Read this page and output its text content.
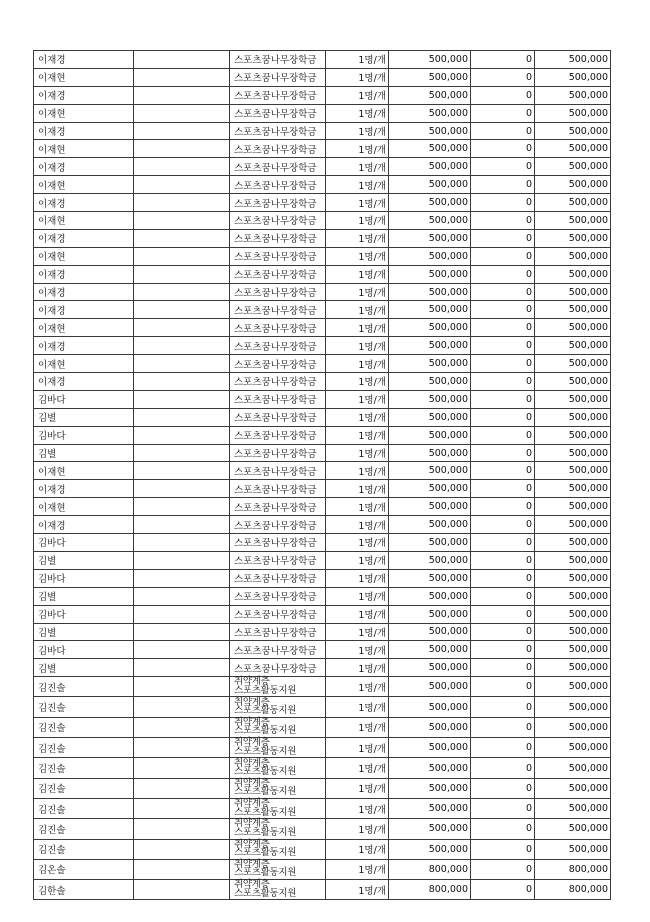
이재경		스포츠꿈나무장학금	1명/개	500,000	0	500,000
이재현		스포츠꿈나무장학금	1명/개	500,000	0	500,000
이재경		스포츠꿈나무장학금	1명/개	500,000	0	500,000
이재현		스포츠꿈나무장학금	1명/개	500,000	0	500,000
이재경		스포츠꿈나무장학금	1명/개	500,000	0	500,000
이재현		스포츠꿈나무장학금	1명/개	500,000	0	500,000
이재경		스포츠꿈나무장학금	1명/개	500,000	0	500,000
이재현		스포츠꿈나무장학금	1명/개	500,000	0	500,000
이재경		스포츠꿈나무장학금	1명/개	500,000	0	500,000
이재현		스포츠꿈나무장학금	1명/개	500,000	0	500,000
이재경		스포츠꿈나무장학금	1명/개	500,000	0	500,000
이재현		스포츠꿈나무장학금	1명/개	500,000	0	500,000
이재경		스포츠꿈나무장학금	1명/개	500,000	0	500,000
이재경		스포츠꿈나무장학금	1명/개	500,000	0	500,000
이재경		스포츠꿈나무장학금	1명/개	500,000	0	500,000
이재현		스포츠꿈나무장학금	1명/개	500,000	0	500,000
이재경		스포츠꿈나무장학금	1명/개	500,000	0	500,000
이재현		스포츠꿈나무장학금	1명/개	500,000	0	500,000
이재경		스포츠꿈나무장학금	1명/개	500,000	0	500,000
김바다		스포츠꿈나무장학금	1명/개	500,000	0	500,000
김별		스포츠꿈나무장학금	1명/개	500,000	0	500,000
김바다		스포츠꿈나무장학금	1명/개	500,000	0	500,000
김별		스포츠꿈나무장학금	1명/개	500,000	0	500,000
이재현		스포츠꿈나무장학금	1명/개	500,000	0	500,000
이재경		스포츠꿈나무장학금	1명/개	500,000	0	500,000
이재현		스포츠꿈나무장학금	1명/개	500,000	0	500,000
이재경		스포츠꿈나무장학금	1명/개	500,000	0	500,000
김바다		스포츠꿈나무장학금	1명/개	500,000	0	500,000
김별		스포츠꿈나무장학금	1명/개	500,000	0	500,000
김바다		스포츠꿈나무장학금	1명/개	500,000	0	500,000
김별		스포츠꿈나무장학금	1명/개	500,000	0	500,000
김바다		스포츠꿈나무장학금	1명/개	500,000	0	500,000
김별		스포츠꿈나무장학금	1명/개	500,000	0	500,000
김바다		스포츠꿈나무장학금	1명/개	500,000	0	500,000
김별		스포츠꿈나무장학금	1명/개	500,000	0	500,000
김진솔		취약계층
스포츠활동지원	1명/개	500,000	0	500,000
김진솔		취약계층
스포츠활동지원	1명/개	500,000	0	500,000
김진솔		취약계층
스포츠활동지원	1명/개	500,000	0	500,000
김진솔		취약계층
스포츠활동지원	1명/개	500,000	0	500,000
김진솔		취약계층
스포츠활동지원	1명/개	500,000	0	500,000
김진솔		취약계층
스포츠활동지원	1명/개	500,000	0	500,000
김진솔		취약계층
스포츠활동지원	1명/개	500,000	0	500,000
김진솔		취약계층
스포츠활동지원	1명/개	500,000	0	500,000
김진솔		취약계층
스포츠활동지원	1명/개	500,000	0	500,000
김온솔		취약계층
스포츠활동지원	1명/개	800,000	0	800,000
김한솔		취약계층
스포츠활동지원	1명/개	800,000	0	800,000
